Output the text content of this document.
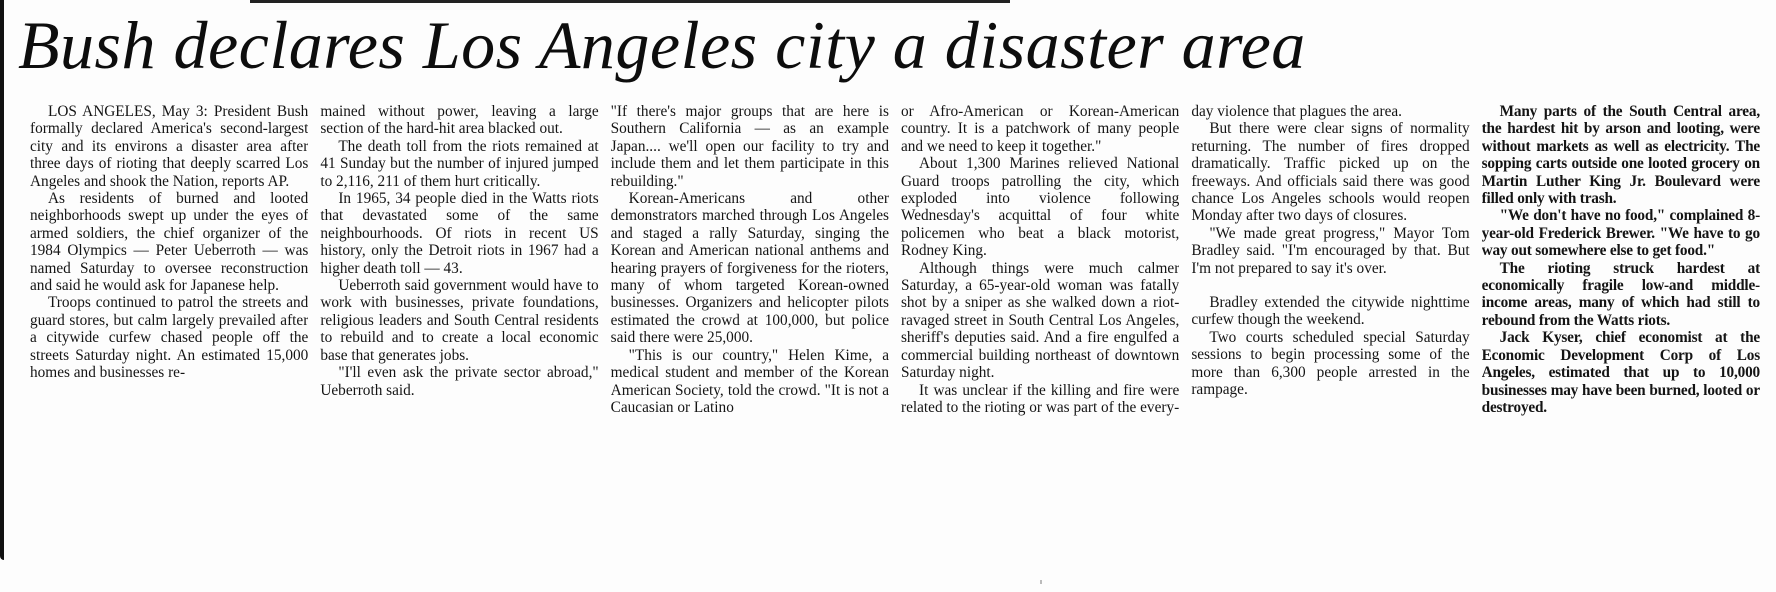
Bush declares Los Angeles city a disaster area

LOS ANGELES, May 3: President Bush formally declared America's second-largest city and its environs a disaster area after three days of rioting that deeply scarred Los Angeles and shook the Nation, reports AP.

As residents of burned and looted neighborhoods swept up under the eyes of armed soldiers, the chief organizer of the 1984 Olympics — Peter Ueberroth — was named Saturday to oversee reconstruction and said he would ask for Japanese help.

Troops continued to patrol the streets and guard stores, but calm largely prevailed after a citywide curfew chased people off the streets Saturday night. An estimated 15,000 homes and businesses re-

mained without power, leaving a large section of the hard-hit area blacked out.

The death toll from the riots remained at 41 Sunday but the number of injured jumped to 2,116, 211 of them hurt critically.

In 1965, 34 people died in the Watts riots that devastated some of the same neighbourhoods. Of riots in recent US history, only the Detroit riots in 1967 had a higher death toll — 43.

Ueberroth said government would have to work with businesses, private foundations, religious leaders and South Central residents to rebuild and to create a local economic base that generates jobs.

"I'll even ask the private sector abroad," Ueberroth said.

"If there's major groups that are here is Southern California — as an example Japan.... we'll open our facility to try and include them and let them participate in this rebuilding."

Korean-Americans and other demonstrators marched through Los Angeles and staged a rally Saturday, singing the Korean and American national anthems and hearing prayers of forgiveness for the rioters, many of whom targeted Korean-owned businesses. Organizers and helicopter pilots estimated the crowd at 100,000, but police said there were 25,000.

"This is our country," Helen Kime, a medical student and member of the Korean American Society, told the crowd. "It is not a Caucasian or Latino

or Afro-American or Korean-American country. It is a patchwork of many people and we need to keep it together."

About 1,300 Marines relieved National Guard troops patrolling the city, which exploded into violence following Wednesday's acquittal of four white policemen who beat a black motorist, Rodney King.

Although things were much calmer Saturday, a 65-year-old woman was fatally shot by a sniper as she walked down a riot-ravaged street in South Central Los Angeles, sheriff's deputies said. And a fire engulfed a commercial building northeast of downtown Saturday night.

It was unclear if the killing and fire were related to the rioting or was part of the every-

day violence that plagues the area.

But there were clear signs of normality returning. The number of fires dropped dramatically. Traffic picked up on the freeways. And officials said there was good chance Los Angeles schools would reopen Monday after two days of closures.

"We made great progress," Mayor Tom Bradley said. "I'm encouraged by that. But I'm not prepared to say it's over.

Bradley extended the citywide nighttime curfew though the weekend.

Two courts scheduled special Saturday sessions to begin processing some of the more than 6,300 people arrested in the rampage.

Many parts of the South Central area, the hardest hit by arson and looting, were without markets as well as electricity. The sopping carts outside one looted grocery on Martin Luther King Jr. Boulevard were filled only with trash.

"We don't have no food," complained 8-year-old Frederick Brewer. "We have to go way out somewhere else to get food."

The rioting struck hardest at economically fragile low-and middle-income areas, many of which had still to rebound from the Watts riots.

Jack Kyser, chief economist at the Economic Development Corp of Los Angeles, estimated that up to 10,000 businesses may have been burned, looted or destroyed.
